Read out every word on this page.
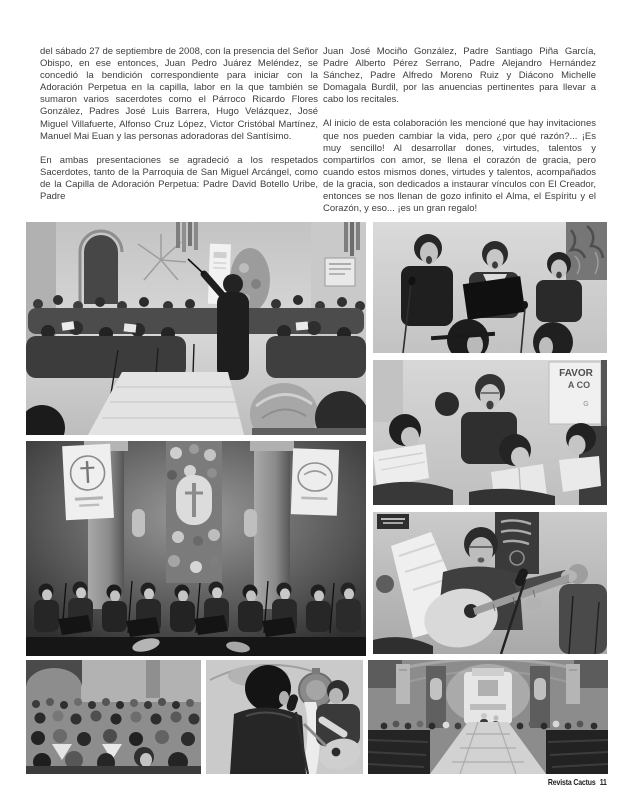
del sábado 27 de septiembre de 2008, con la presencia del Señor Obispo, en ese entonces, Juan Pedro Juárez Meléndez, se concedió la bendición correspondiente para iniciar con la Adoración Perpetua en la capilla, labor en la que también se sumaron varios sacerdotes como el Párroco Ricardo Flores González, Padres José Luis Barrera, Hugo Velázquez, José Miguel Villafuerte, Alfonso Cruz López, Victor Cristóbal Martínez, Manuel Mai Euan y las personas adoradoras del Santísimo.

En ambas presentaciones se agradeció a los respetados Sacerdotes, tanto de la Parroquia de San Miguel Arcángel, como de la Capilla de Adoración Perpetua: Padre David Botello Uribe, Padre

Juan José Mociño González, Padre Santiago Piña García, Padre Alberto Pérez Serrano, Padre Alejandro Hernández Sánchez, Padre Alfredo Moreno Ruiz y Diácono Michelle Domagala Burdil, por las anuencias pertinentes para llevar a cabo los recitales.

Al inicio de esta colaboración les mencioné que hay invitaciones que nos pueden cambiar la vida, pero ¿por qué razón?... ¡Es muy sencillo! Al desarrollar dones, virtudes, talentos y compartirlos con amor, se llena el corazón de gracia, pero cuando estos mismos dones, virtudes y talentos, acompañados de la gracia, son dedicados a instaurar vínculos con El Creador, entonces se nos llenan de gozo infinito el Alma, el Espíritu y el Corazón, y eso... ¡es un gran regalo!

FAVOR
A CO
G
Revista Cactus 11
